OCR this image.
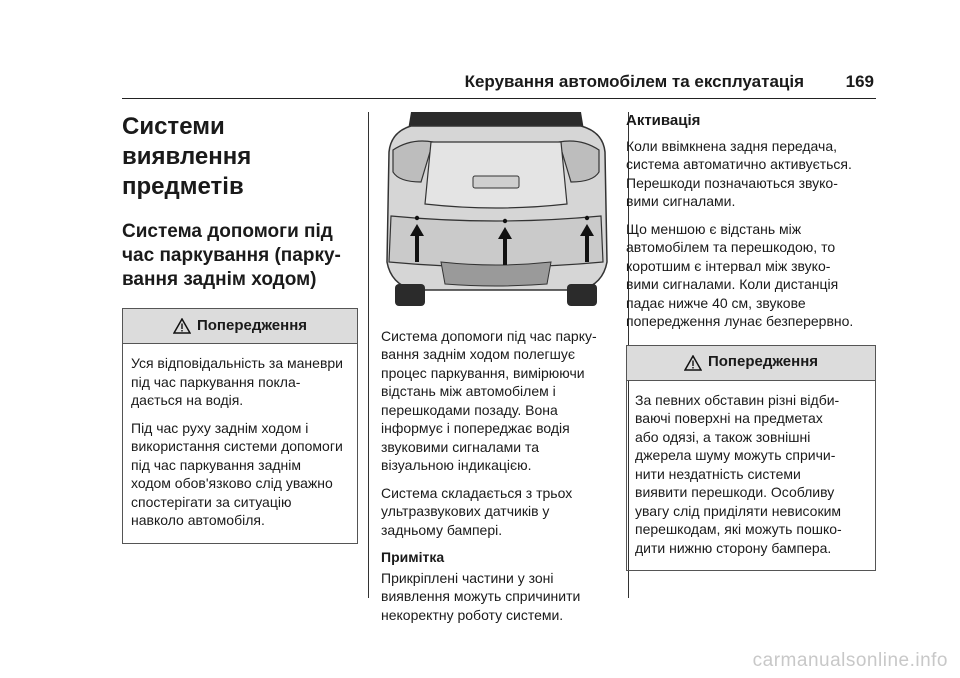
Керування автомобілем та експлуатація 169
Системи виявлення
предметів
Система допомоги під
час паркування (парку-
вання заднім ходом)
Попередження

Уся відповідальність за маневри
під час паркування покла-
дається на водія.

Під час руху заднім ходом і
використання системи допомоги
під час паркування заднім
ходом обов'язково слід уважно
спостерігати за ситуацію
навколо автомобіля.

Система допомоги під час парку-
вання заднім ходом полегшує
процес паркування, вимірюючи
відстань між автомобілем і
перешкодами позаду. Вона
інформує і попереджає водія
звуковими сигналами та
візуальною індикацією.

Система складається з трьох
ультразвукових датчиків у
задньому бампері.

Примітка

Прикріплені частини у зоні
виявлення можуть спричинити
некоректну роботу системи.

Активація

Коли ввімкнена задня передача,
система автоматично активується.
Перешкоди позначаються звуко-
вими сигналами.

Що меншою є відстань між
автомобілем та перешкодою, то
коротшим є інтервал між звуко-
вими сигналами. Коли дистанція
падає нижче 40 см, звукове
попередження лунає безперервно.

Попередження

За певних обставин різні відби-
ваючі поверхні на предметах
або одязі, а також зовнішні
джерела шуму можуть спричи-
нити нездатність системи
виявити перешкоди. Особливу
увагу слід приділяти невисоким
перешкодам, які можуть пошко-
дити нижню сторону бампера.

carmanualsonline.info
